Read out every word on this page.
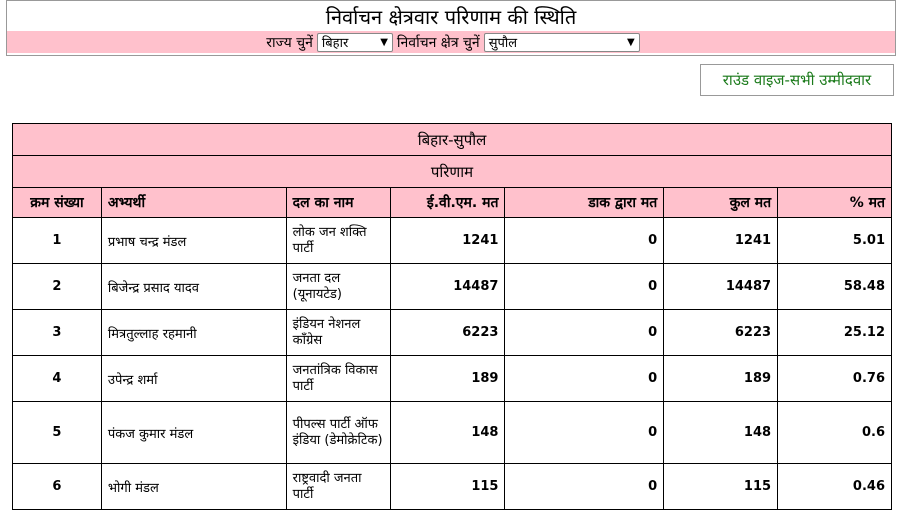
निर्वाचन क्षेत्रवार परिणाम की स्थिति
राज्य चुनें बिहार	▼ निर्वाचन क्षेत्र चुनें सुपौल	▼
राउंड वाइज-सभी उम्मीदवार
बिहार-सुपौल						
परिणाम						
क्रम संख्या	अभ्यर्थी	दल का नाम	ई.वी.एम. मत	डाक द्वारा मत	कुल मत	% मत
1	प्रभाष चन्द्र मंडल	लोक जन शक्ति पार्टी	1241	0	1241	5.01
2	बिजेन्द्र प्रसाद यादव	जनता दल (यूनायटेड)	14487	0	14487	58.48
3	मित्रतुल्लाह रहमानी	इंडियन नेशनल कॉंग्रेस	6223	0	6223	25.12
4	उपेन्द्र शर्मा	जनतांत्रिक विकास पार्टी	189	0	189	0.76
5	पंकज कुमार मंडल	पीपल्स पार्टी ऑफ इंडिया (डेमोक्रेटिक)	148	0	148	0.6
6	भोगी मंडल	राष्ट्रवादी जनता पार्टी	115	0	115	0.46
